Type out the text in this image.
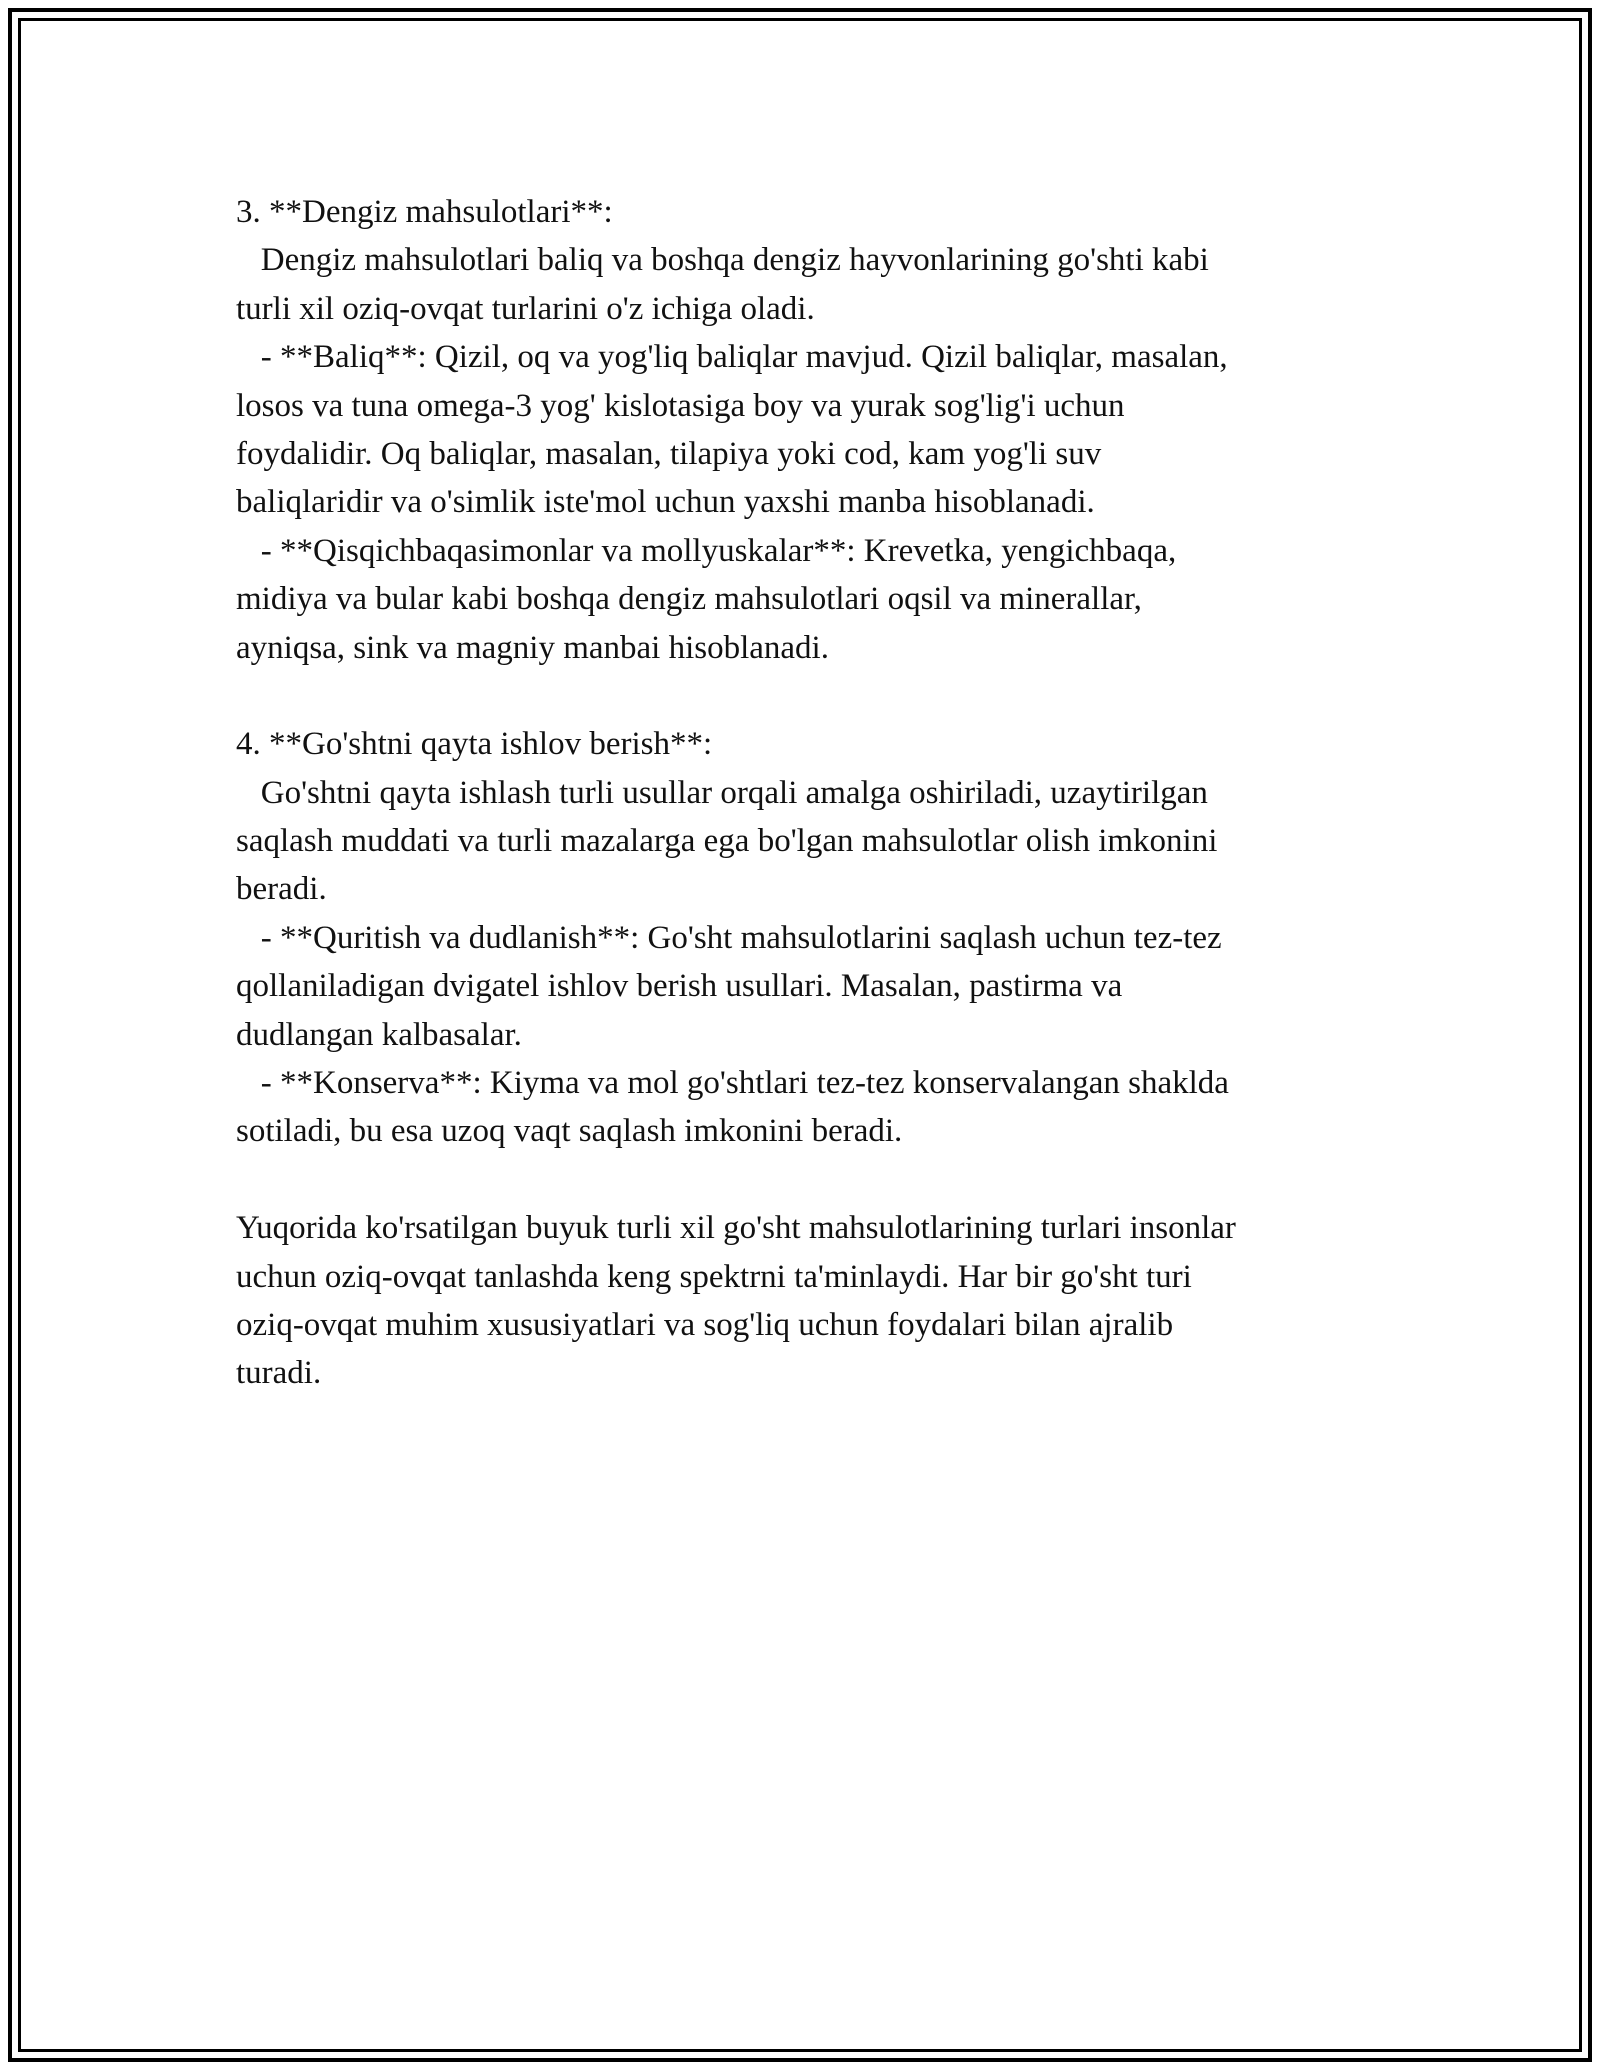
3. **Dengiz mahsulotlari**:
Dengiz mahsulotlari baliq va boshqa dengiz hayvonlarining go'shti kabi
turli xil oziq-ovqat turlarini o'z ichiga oladi.
- **Baliq**: Qizil, oq va yog'liq baliqlar mavjud. Qizil baliqlar, masalan,
losos va tuna omega-3 yog' kislotasiga boy va yurak sog'lig'i uchun
foydalidir. Oq baliqlar, masalan, tilapiya yoki cod, kam yog'li suv
baliqlaridir va o'simlik iste'mol uchun yaxshi manba hisoblanadi.
- **Qisqichbaqasimonlar va mollyuskalar**: Krevetka, yengichbaqa,
midiya va bular kabi boshqa dengiz mahsulotlari oqsil va minerallar,
ayniqsa, sink va magniy manbai hisoblanadi.
4. **Go'shtni qayta ishlov berish**:
Go'shtni qayta ishlash turli usullar orqali amalga oshiriladi, uzaytirilgan
saqlash muddati va turli mazalarga ega bo'lgan mahsulotlar olish imkonini
beradi.
- **Quritish va dudlanish**: Go'sht mahsulotlarini saqlash uchun tez-tez
qollaniladigan dvigatel ishlov berish usullari. Masalan, pastirma va
dudlangan kalbasalar.
- **Konserva**: Kiyma va mol go'shtlari tez-tez konservalangan shaklda
sotiladi, bu esa uzoq vaqt saqlash imkonini beradi.
Yuqorida ko'rsatilgan buyuk turli xil go'sht mahsulotlarining turlari insonlar
uchun oziq-ovqat tanlashda keng spektrni ta'minlaydi. Har bir go'sht turi
oziq-ovqat muhim xususiyatlari va sog'liq uchun foydalari bilan ajralib
turadi.
